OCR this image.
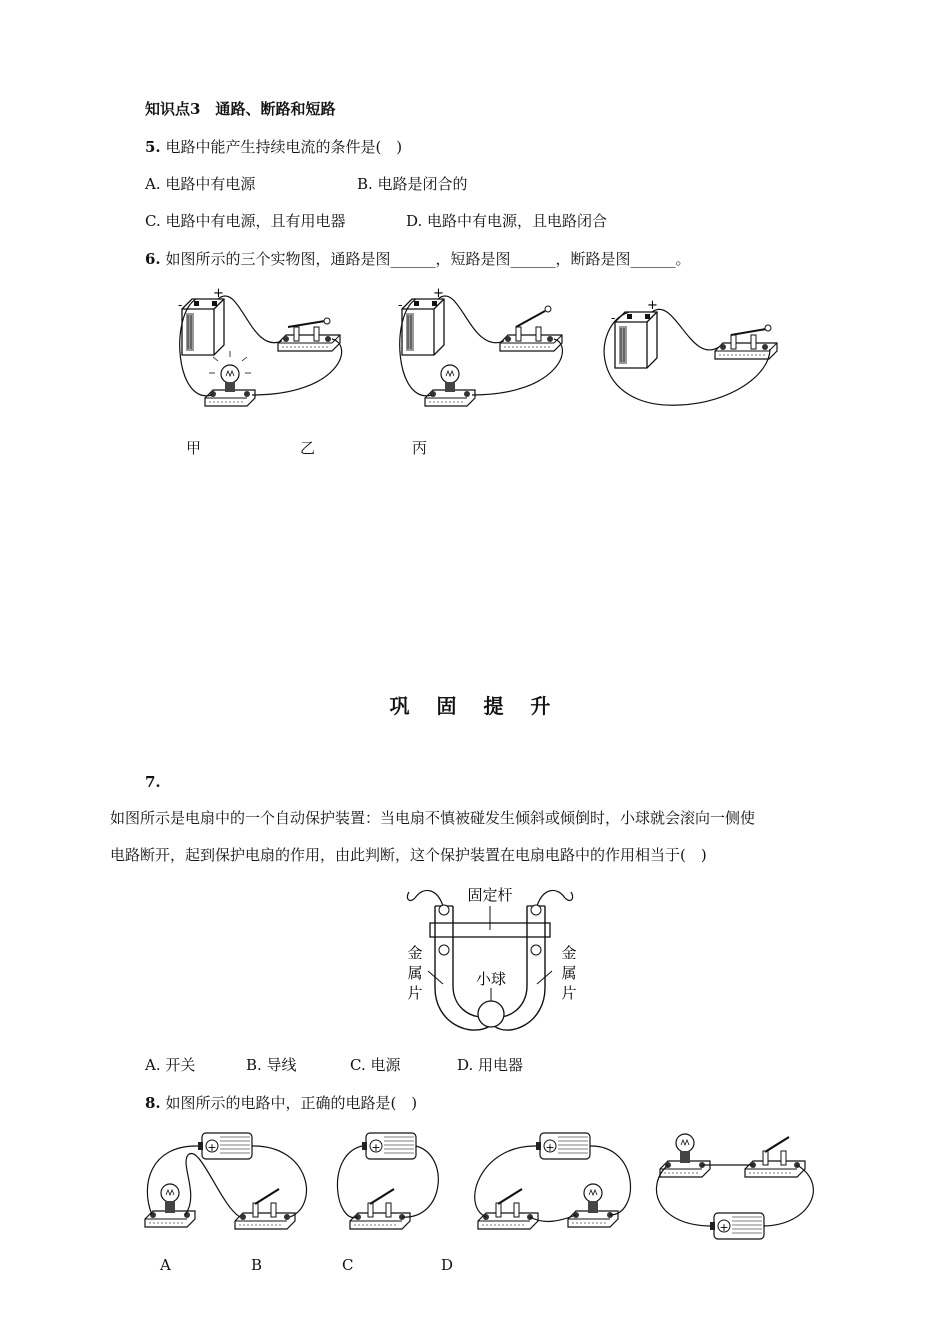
知识点3　通路、断路和短路
5. 电路中能产生持续电流的条件是(　)
A. 电路中有电源	B. 电路是闭合的
C. 电路中有电源，且有用电器	D. 电路中有电源，且电路闭合
6. 如图所示的三个实物图，通路是图______，短路是图______，断路是图______。
-
+
-
+
-
+
甲	乙	丙
巩 固 提 升
7.
如图所示是电扇中的一个自动保护装置：当电扇不慎被碰发生倾斜或倾倒时，小球就会滚向一侧使
电路断开，起到保护电扇的作用，由此判断，这个保护装置在电扇电路中的作用相当于(　)
固定杆
小球
金
属
片
金
属
片
A. 开关	B. 导线	C. 电源	D. 用电器
8. 如图所示的电路中，正确的电路是(　)
+	+	+
+
A	B	C	D
